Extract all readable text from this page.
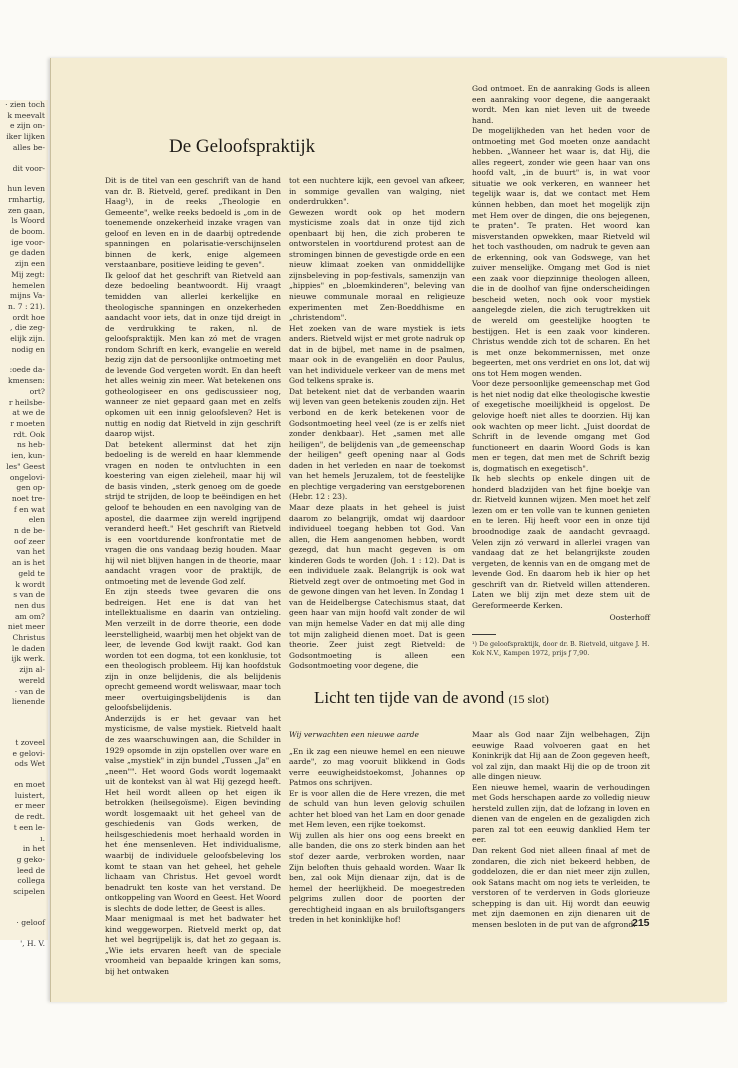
· zien toch
k meevalt
e zijn on-
iker lijken
alles be-
dit voor-
hun leven
rmhartig,
zen gaan,
ls Woord
de boom.
ige voor-
ge daden
zijn een
Mij zegt:
hemelen
mijns Va-
n. 7 : 21).
ordt hoe
, die zeg-
elijk zijn.
nodig en
:oede da-
kmensen:
ort?
r heilsbe-
at we de
r moeten
rdt. Ook
ns heb-
ien, kun-
les" Geest
ongelovi-
gen op-
noet tre-
f en wat
elen
n de be-
oof zeer
van het
an is het
geld te
k wordt
s van de
nen dus
am om?
niet meer
Christus
le daden
ijk werk.
zijn al-
wereld
· van de
lienende
t zoveel
e gelovi-
ods Wet
en moet
luistert,
er meer
de redt.
t een le-
ı.
in het
g geko-
leed de
collega
scipelen
· geloof
', H. V.
De Geloofspraktijk

Dit is de titel van een geschrift van de hand van dr. B. Rietveld, geref. predikant in Den Haag¹), in de reeks „Theologie en Gemeente", welke reeks bedoeld is „om in de toenemende onzekerheid inzake vragen van geloof en leven en in de daarbij optredende spanningen en polarisatie-verschijnselen binnen de kerk, enige algemeen verstaanbare, positieve leiding te geven".

Ik geloof dat het geschrift van Rietveld aan deze bedoeling beantwoordt. Hij vraagt temidden van allerlei kerkelijke en theologische spanningen en onzekerheden aandacht voor iets, dat in onze tijd dreigt in de verdrukking te raken, nl. de geloofspraktijk. Men kan zó met de vragen rondom Schrift en kerk, evangelie en wereld bezig zijn dat de persoonlijke ontmoeting met de levende God vergeten wordt. En dan heeft het alles weinig zin meer. Wat betekenen ons gotheologiseer en ons gediscussieer nog, wanneer ze niet gepaard gaan met en zelfs opkomen uit een innig geloofsleven? Het is nuttig en nodig dat Rietveld in zijn geschrift daarop wijst.

Dat betekent allerminst dat het zijn bedoeling is de wereld en haar klemmende vragen en noden te ontvluchten in een koestering van eigen zieleheil, maar hij wil de basis vinden, „sterk genoeg om de goede strijd te strijden, de loop te beëindigen en het geloof te behouden en een navolging van de apostel, die daarmee zijn wereld ingrijpend veranderd heeft." Het geschrift van Rietveld is een voortdurende konfrontatie met de vragen die ons vandaag bezig houden. Maar hij wil niet blijven hangen in de theorie, maar aandacht vragen voor de praktijk, de ontmoeting met de levende God zelf.

En zijn steeds twee gevaren die ons bedreigen. Het ene is dat van het intellektualisme en daarin van ontzieling. Men verzeilt in de dorre theorie, een dode leerstelligheid, waarbij men het objekt van de leer, de levende God kwijt raakt. God kan worden tot een dogma, tot een konklusie, tot een theologisch probleem. Hij kan hoofdstuk zijn in onze belijdenis, die als belijdenis oprecht gemeend wordt weliswaar, maar toch meer overtuigingsbelijdenis is dan geloofsbelijdenis.

Anderzijds is er het gevaar van het mysticisme, de valse mystiek. Rietveld haalt de zes waarschuwingen aan, die Schilder in 1929 opsomde in zijn opstellen over ware en valse „mystiek" in zijn bundel „Tussen „Ja" en „neen"". Het woord Gods wordt logemaakt uit de kontekst van àl wat Hij gezegd heeft. Het heil wordt alleen op het eigen ik betrokken (heilsegoïsme). Eigen bevinding wordt losgemaakt uit het geheel van de geschiedenis van Gods werken, de heilsgeschiedenis moet herhaald worden in het éne mensenleven. Het individualisme, waarbij de individuele geloofsbeleving los komt te staan van het geheel, het gehele lichaam van Christus. Het gevoel wordt benadrukt ten koste van het verstand. De ontkoppeling van Woord en Geest. Het Woord is slechts de dode letter, de Geest is alles.

Maar menigmaal is met het badwater het kind weggeworpen. Rietveld merkt op, dat het wel begrijpelijk is, dat het zo gegaan is. „Wie iets ervaren heeft van de speciale vroomheid van bepaalde kringen kan soms, bij het ontwaken

tot een nuchtere kijk, een gevoel van afkeer, in sommige gevallen van walging, niet onderdrukken".

Gewezen wordt ook op het modern mysticisme zoals dat in onze tijd zich openbaart bij hen, die zich proberen te ontworstelen in voortdurend protest aan de stromingen binnen de gevestigde orde en een nieuw klimaat zoeken van onmiddellijke zijnsbeleving in pop-festivals, samenzijn van „hippies" en „bloemkinderen", beleving van nieuwe communale moraal en religieuze experimenten met Zen-Boeddhisme en „christendom".

Het zoeken van de ware mystiek is iets anders. Rietveld wijst er met grote nadruk op dat in de bijbel, met name in de psalmen, maar ook in de evangeliën en door Paulus, van het individuele verkeer van de mens met God telkens sprake is.

Dat betekent niet dat de verbanden waarin wij leven van geen betekenis zouden zijn. Het verbond en de kerk betekenen voor de Godsontmoeting heel veel (ze is er zelfs niet zonder denkbaar). Het „samen met alle heiligen", de belijdenis van „de gemeenschap der heiligen" geeft opening naar al Gods daden in het verleden en naar de toekomst van het hemels Jeruzalem, tot de feestelijke en plechtige vergadering van eerstgeborenen (Hebr. 12 : 23).

Maar deze plaats in het geheel is juist daarom zo belangrijk, omdat wij daardoor individueel toegang hebben tot God. Van allen, die Hem aangenomen hebben, wordt gezegd, dat hun macht gegeven is om kinderen Gods te worden (Joh. 1 : 12). Dat is een individuele zaak. Belangrijk is ook wat Rietveld zegt over de ontmoeting met God in de gewone dingen van het leven. In Zondag 1 van de Heidelbergse Catechismus staat, dat geen haar van mijn hoofd valt zonder de wil van mijn hemelse Vader en dat mij alle ding tot mijn zaligheid dienen moet. Dat is geen theorie. Zeer juist zegt Rietveld: de Godsontmoeting is alleen een Godsontmoeting voor degene, die

God ontmoet. En de aanraking Gods is alleen een aanraking voor degene, die aangeraakt wordt. Men kan niet leven uit de tweede hand.

De mogelijkheden van het heden voor de ontmoeting met God moeten onze aandacht hebben. „Wanneer het waar is, dat Hij, die alles regeert, zonder wie geen haar van ons hoofd valt, „in de buurt" is, in wat voor situatie we ook verkeren, en wanneer het tegelijk waar is, dat we contact met Hem kúnnen hebben, dan moet het mogelijk zijn met Hem over de dingen, die ons bejegenen, te praten". Te praten. Het woord kan misverstanden opwekken, maar Rietveld wil het toch vasthouden, om nadruk te geven aan de erkenning, ook van Godswege, van het zuiver menselijke. Omgang met God is niet een zaak voor diepzinnige theologen alleen, die in de doolhof van fijne onderscheidingen bescheid weten, noch ook voor mystiek aangelegde zielen, die zich terugtrekken uit de wereld om geestelijke hoogten te bestijgen. Het is een zaak voor kinderen. Christus wendde zich tot de scharen. En het is met onze bekommernissen, met onze begeerten, met ons verdriet en ons lot, dat wij ons tot Hem mogen wenden.

Voor deze persoonlijke gemeenschap met God is het niet nodig dat elke theologische kwestie of exegetische moeilijkheid is opgelost. De gelovige hoeft niet alles te doorzien. Hij kan ook wachten op meer licht. „Juist doordat de Schrift in de levende omgang met God functioneert en daarin Woord Gods is kan men er tegen, dat men met de Schrift bezig is, dogmatisch en exegetisch".

Ik heb slechts op enkele dingen uit de honderd bladzijden van het fijne boekje van dr. Rietveld kunnen wijzen. Men moet het zelf lezen om er ten volle van te kunnen genieten en te leren. Hij heeft voor een in onze tijd broodnodige zaak de aandacht gevraagd. Velen zijn zó verward in allerlei vragen van vandaag dat ze het belangrijkste zouden vergeten, de kennis van en de omgang met de levende God. En daarom heb ik hier op het geschrift van dr. Rietveld willen attenderen. Laten we blij zijn met deze stem uit de Gereformeerde Kerken.

Oosterhoff

¹) De geloofspraktijk, door dr. B. Rietveld, uitgave J. H. Kok N.V., Kampen 1972, prijs ƒ 7,90.
Licht ten tijde van de avond (15 slot)

Wij verwachten een nieuwe aarde

„En ik zag een nieuwe hemel en een nieuwe aarde", zo mag vooruit blikkend in Gods verre eeuwigheidstoekomst, Johannes op Patmos ons schrijven.

Er is voor allen die de Here vrezen, die met de schuld van hun leven gelovig schuilen achter het bloed van het Lam en door genade met Hem leven, een rijke toekomst.

Wij zullen als hier ons oog eens breekt en alle banden, die ons zo sterk binden aan het stof dezer aarde, verbroken worden, naar Zijn beloften thuis gehaald worden. Waar Ik ben, zal ook Mijn dienaar zijn, dat is de hemel der heerlijkheid. De moegestreden pelgrims zullen door de poorten der gerechtigheid ingaan en als bruiloftsgangers treden in het koninklijke hof!

Maar als God naar Zijn welbehagen, Zijn eeuwige Raad volvoeren gaat en het Koninkrijk dat Hij aan de Zoon gegeven heeft, vol zal zijn, dan maakt Hij die op de troon zit alle dingen nieuw.

Een nieuwe hemel, waarin de verhoudingen met Gods herschapen aarde zo volledig nieuw hersteld zullen zijn, dat de lofzang in loven en dienen van de engelen en de gezaligden zich paren zal tot een eeuwig danklied Hem ter eer.

Dan rekent God niet alleen finaal af met de zondaren, die zich niet bekeerd hebben, de goddelozen, die er dan niet meer zijn zullen, ook Satans macht om nog iets te verleiden, te verstoren of te verderven in Gods glorieuze schepping is dan uit. Hij wordt dan eeuwig met zijn daemonen en zijn dienaren uit de mensen besloten in de put van de afgrond.

215
